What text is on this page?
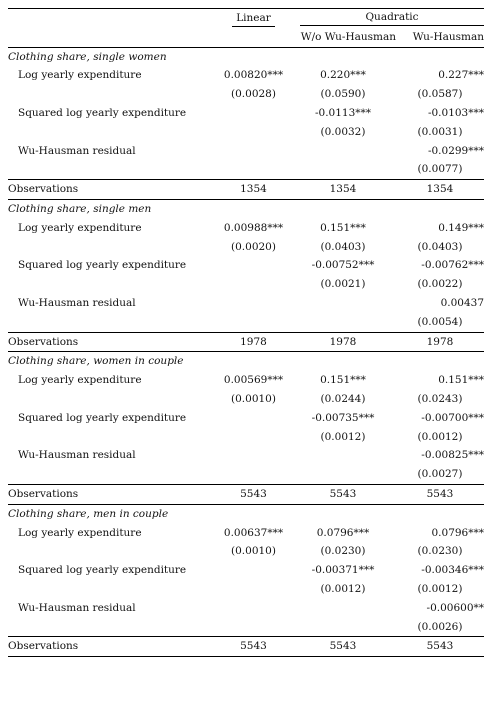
	Linear	Quadratic	

		W/o Wu-Hausman	Wu-Hausman
Clothing share, single women			
Log yearly expenditure	0.00820***	0.220***	0.227***
	(0.0028)	(0.0590)	(0.0587)
Squared log yearly expenditure		-0.0113***	-0.0103***
		(0.0032)	(0.0031)
Wu-Hausman residual			-0.0299***
			(0.0077)
Observations	1354	1354	1354
Clothing share, single men			
Log yearly expenditure	0.00988***	0.151***	0.149***
	(0.0020)	(0.0403)	(0.0403)
Squared log yearly expenditure		-0.00752***	-0.00762***
		(0.0021)	(0.0022)
Wu-Hausman residual			0.00437
			(0.0054)
Observations	1978	1978	1978
Clothing share, women in couple			
Log yearly expenditure	0.00569***	0.151***	0.151***
	(0.0010)	(0.0244)	(0.0243)
Squared log yearly expenditure		-0.00735***	-0.00700***
		(0.0012)	(0.0012)
Wu-Hausman residual			-0.00825***
			(0.0027)
Observations	5543	5543	5543
Clothing share, men in couple			
Log yearly expenditure	0.00637***	0.0796***	0.0796***
	(0.0010)	(0.0230)	(0.0230)
Squared log yearly expenditure		-0.00371***	-0.00346***
		(0.0012)	(0.0012)
Wu-Hausman residual			-0.00600**
			(0.0026)
Observations	5543	5543	5543
